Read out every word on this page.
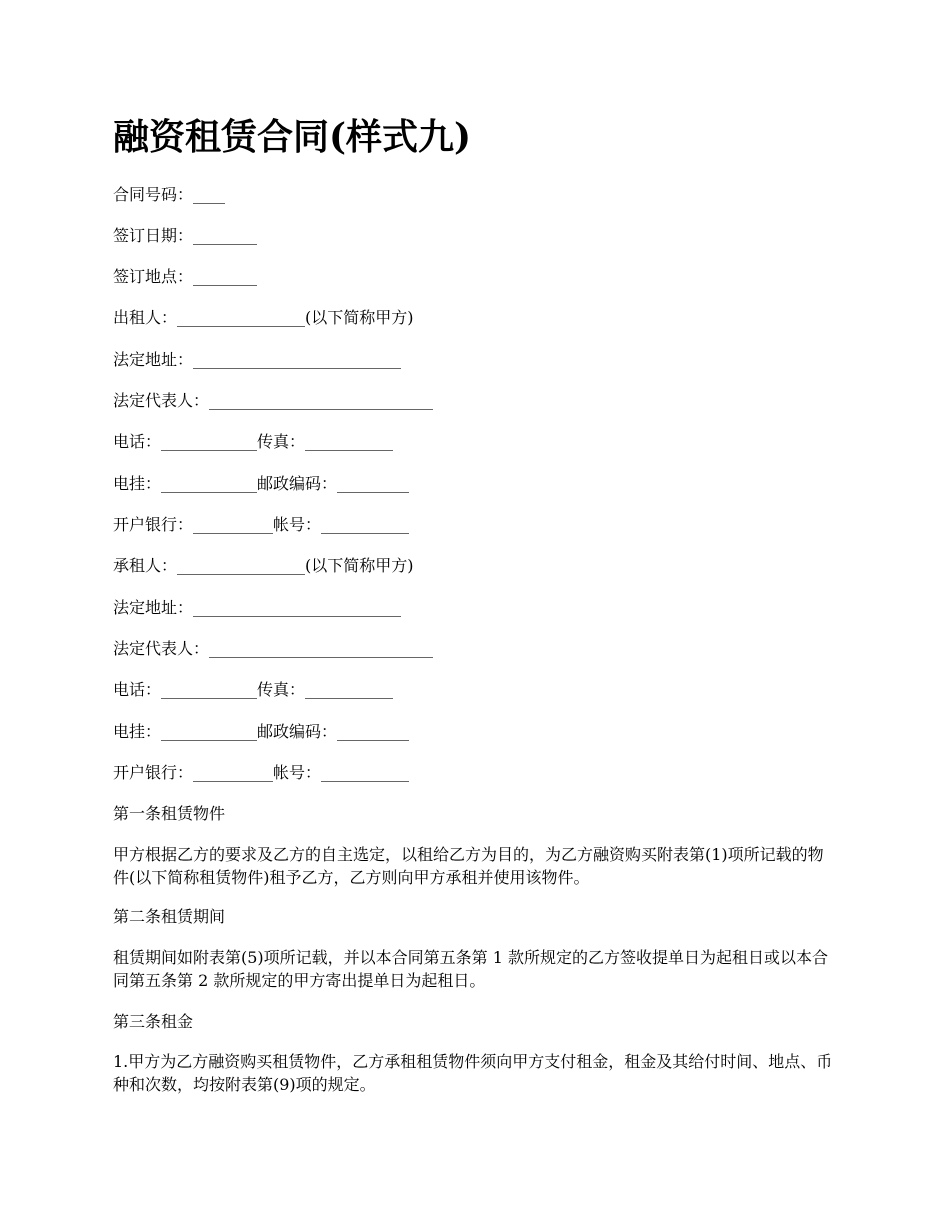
融资租赁合同(样式九)

合同号码：____

签订日期：________

签订地点：________

出租人：________________(以下简称甲方)

法定地址：__________________________

法定代表人：____________________________

电话：____________传真：___________

电挂：____________邮政编码：_________

开户银行：__________帐号：___________

承租人：________________(以下简称甲方)

法定地址：__________________________

法定代表人：____________________________

电话：____________传真：___________

电挂：____________邮政编码：_________

开户银行：__________帐号：___________

第一条租赁物件

甲方根据乙方的要求及乙方的自主选定，以租给乙方为目的，为乙方融资购买附表第(1)项所记载的物件(以下简称租赁物件)租予乙方，乙方则向甲方承租并使用该物件。

第二条租赁期间

租赁期间如附表第(5)项所记载，并以本合同第五条第 1 款所规定的乙方签收提单日为起租日或以本合同第五条第 2 款所规定的甲方寄出提单日为起租日。

第三条租金

1.甲方为乙方融资购买租赁物件，乙方承租租赁物件须向甲方支付租金，租金及其给付时间、地点、币种和次数，均按附表第(9)项的规定。
